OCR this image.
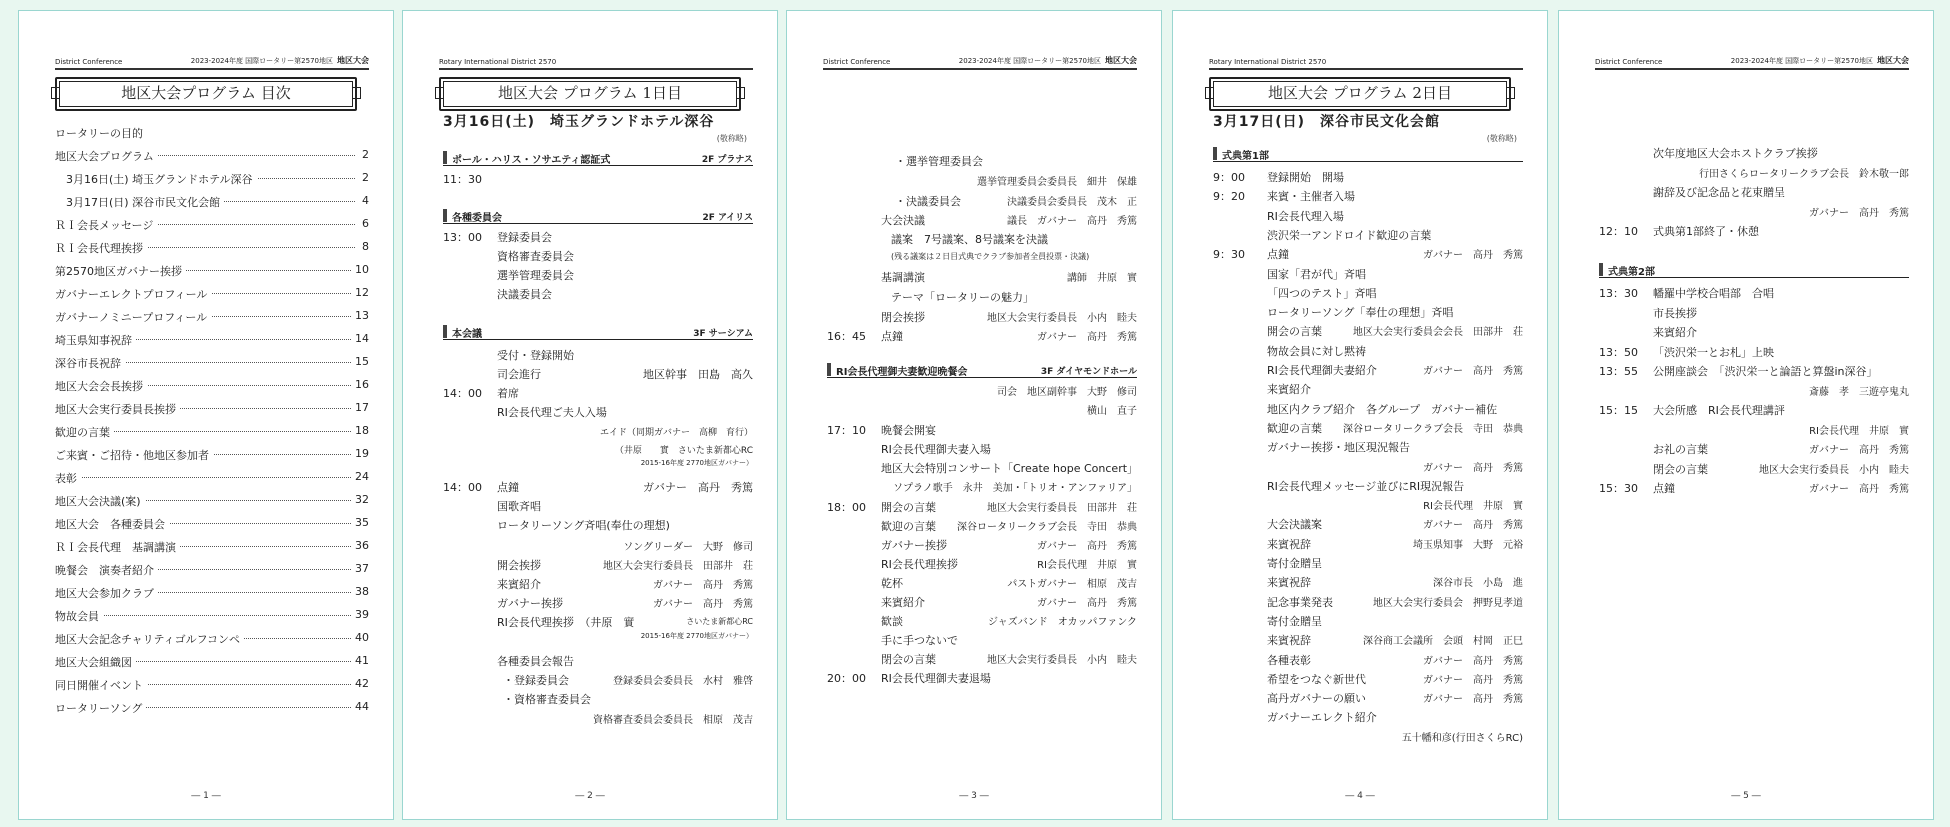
District Conference	2023-2024年度 国際ロータリー第2570地区 地区大会
地区大会プログラム 目次
ロータリーの目的
地区大会プログラム	2
　3月16日(土) 埼玉グランドホテル深谷	2
　3月17日(日) 深谷市民文化会館	4
ＲＩ会長メッセージ	6
ＲＩ会長代理挨拶	8
第2570地区ガバナー挨拶	10
ガバナーエレクトプロフィール	12
ガバナーノミニープロフィール	13
埼玉県知事祝辞	14
深谷市長祝辞	15
地区大会会長挨拶	16
地区大会実行委員長挨拶	17
歓迎の言葉	18
ご来賓・ご招待・他地区参加者	19
表彰	24
地区大会決議(案)	32
地区大会　各種委員会	35
ＲＩ会長代理　基調講演	36
晩餐会　演奏者紹介	37
地区大会参加クラブ	38
物故会員	39
地区大会記念チャリティゴルフコンペ	40
地区大会組織図	41
同日開催イベント	42
ロータリーソング	44
― 1 ―
Rotary International District 2570
地区大会 プログラム 1日目
3月16日(土)　埼玉グランドホテル深谷
(敬称略)
ポール・ハリス・ソサエティ認証式	2F プラナス
11：30
各種委員会	2F アイリス
13：00 登録委員会
資格審査委員会
選挙管理委員会
決議委員会
本会議	3F サーシアム
受付・登録開始
司会進行	地区幹事　田島　高久
14：00 着席
RI会長代理ご夫人入場
エイド（同期ガバナー　高柳　育行）
（井原　　實　さいたま新都心RC
2015-16年度 2770地区ガバナー）
14：00 点鐘	ガバナー　高丹　秀篤
国歌斉唱
ロータリーソング斉唱(奉仕の理想)
ソングリーダー　大野　修司
開会挨拶	地区大会実行委員長　田部井　荘
来賓紹介	ガバナー　高丹　秀篤
ガバナー挨拶	ガバナー　高丹　秀篤
RI会長代理挨拶　（井原　實	さいたま新都心RC
2015-16年度 2770地区ガバナー）
各種委員会報告
・登録委員会	登録委員会委員長　水村　雅啓
・資格審査委員会
資格審査委員会委員長　相原　茂吉
― 2 ―
District Conference	2023-2024年度 国際ロータリー第2570地区 地区大会
・選挙管理委員会
選挙管理委員会委員長　細井　保雄
・決議委員会	決議委員会委員長　茂木　正
大会決議	議長　ガバナー　高丹　秀篤
議案　7号議案、8号議案を決議
(残る議案は２日目式典でクラブ参加者全員投票・決議)
基調講演	講師　井原　實
テーマ「ロータリーの魅力」
閉会挨拶	地区大会実行委員長　小内　睦夫
16：45 点鐘	ガバナー　高丹　秀篤
RI会長代理御夫妻歓迎晩餐会	3F ダイヤモンドホール
司会　地区副幹事　大野　修司
横山　直子
17：10 晩餐会開宴
RI会長代理御夫妻入場
地区大会特別コンサート「Create hope Concert」
ソプラノ歌手　永井　美加・「トリオ・アンファリア」
18：00 開会の言葉	地区大会実行委員長　田部井　荘
歓迎の言葉 深谷ロータリークラブ会長　寺田　恭典
ガバナー挨拶	ガバナー　高丹　秀篤
RI会長代理挨拶	RI会長代理　井原　實
乾杯	パストガバナー　相原　茂吉
来賓紹介	ガバナー　高丹　秀篤
歓談	ジャズバンド　オカッパファンク
手に手つないで
閉会の言葉	地区大会実行委員長　小内　睦夫
20：00 RI会長代理御夫妻退場
― 3 ―
Rotary International District 2570
地区大会 プログラム 2日目
3月17日(日)　深谷市民文化会館
(敬称略)
式典第1部
9：00 登録開始　開場
9：20 来賓・主催者入場
RI会長代理入場
渋沢栄一アンドロイド歓迎の言葉
9：30 点鐘	ガバナー　高丹　秀篤
国家「君が代」斉唱
「四つのテスト」斉唱
ロータリーソング「奉仕の理想」斉唱
開会の言葉	地区大会実行委員会会長　田部井　荘
物故会員に対し黙祷
RI会長代理御夫妻紹介	ガバナー　高丹　秀篤
来賓紹介
地区内クラブ紹介　各グループ　ガバナー補佐
歓迎の言葉 深谷ロータリークラブ会長　寺田　恭典
ガバナー挨拶・地区現況報告
ガバナー　高丹　秀篤
RI会長代理メッセージ並びにRI現況報告
RI会長代理　井原　實
大会決議案	ガバナー　高丹　秀篤
来賓祝辞	埼玉県知事　大野　元裕
寄付金贈呈
来賓祝辞	深谷市長　小島　進
記念事業発表	地区大会実行委員会　押野見孝道
寄付金贈呈
来賓祝辞	深谷商工会議所　会頭　村岡　正巳
各種表彰	ガバナー　高丹　秀篤
希望をつなぐ新世代	ガバナー　高丹　秀篤
高丹ガバナーの願い	ガバナー　高丹　秀篤
ガバナーエレクト紹介
五十幡和彦(行田さくらRC)
― 4 ―
District Conference	2023-2024年度 国際ロータリー第2570地区 地区大会
次年度地区大会ホストクラブ挨拶
行田さくらロータリークラブ会長　鈴木敬一郎
謝辞及び記念品と花束贈呈
ガバナー　高丹　秀篤
12：10 式典第1部終了・休憩
式典第2部
13：30 幡羅中学校合唱部　合唱
市長挨拶
来賓紹介
13：50 「渋沢栄一とお札」上映
13：55 公開座談会　「渋沢栄一と論語と算盤in深谷」
斎藤　孝　三遊亭鬼丸
15：15 大会所感　RI会長代理講評
RI会長代理　井原　實
お礼の言葉	ガバナー　高丹　秀篤
閉会の言葉	地区大会実行委員長　小内　睦夫
15：30 点鐘	ガバナー　高丹　秀篤
― 5 ―
